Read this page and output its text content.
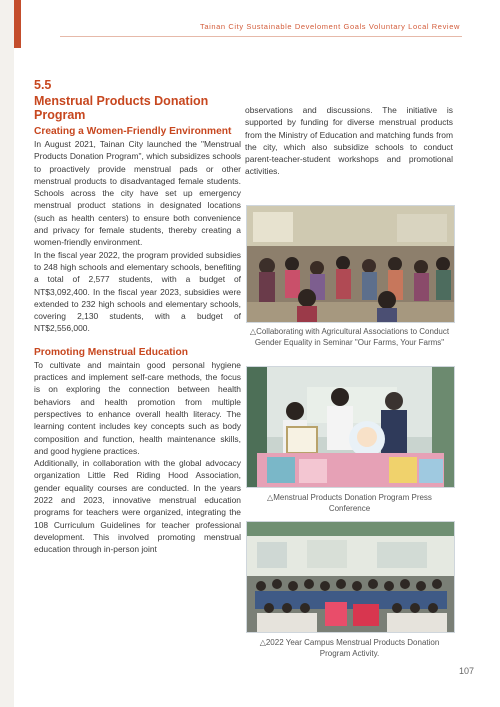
Tainan City Sustainable Develoment Goals Voluntary Local Review
5.5
Menstrual Products Donation Program
Creating a Women-Friendly Environment

In August 2021, Tainan City launched the "Menstrual Products Donation Program", which subsidizes schools to proactively provide menstrual pads or other menstrual products to disadvantaged female students. Schools across the city have set up emergency menstrual product stations in designated locations (such as health centers) to ensure both convenience and privacy for female students, thereby creating a women-friendly environment.

In the fiscal year 2022, the program provided subsidies to 248 high schools and elementary schools, benefiting a total of 2,577 students, with a budget of NT$3,092,400. In the fiscal year 2023, subsidies were extended to 232 high schools and elementary schools, covering 2,130 students, with a budget of NT$2,556,000.

Promoting Menstrual Education

To cultivate and maintain good personal hygiene practices and implement self-care methods, the focus is on exploring the connection between health behaviors and health promotion from multiple perspectives to enhance overall health literacy. The learning content includes key concepts such as body composition and function, health maintenance skills, and good hygiene practices.

Additionally, in collaboration with the global advocacy organization Little Red Riding Hood Association, gender equality courses are conducted. In the years 2022 and 2023, innovative menstrual education programs for teachers were organized, integrating the 108 Curriculum Guidelines for teacher professional development. This involved promoting menstrual education through in-person joint

observations and discussions. The initiative is supported by funding for diverse menstrual products from the Ministry of Education and matching funds from the city, which also subsidize schools to conduct parent-teacher-student workshops and promotional activities.

△Collaborating with Agricultural Associations to Conduct Gender Equality in Seminar "Our Farms, Your Farms"
△Menstrual Products Donation Program Press Conference
△2022 Year Campus Menstrual Products Donation Program Activity.
107
